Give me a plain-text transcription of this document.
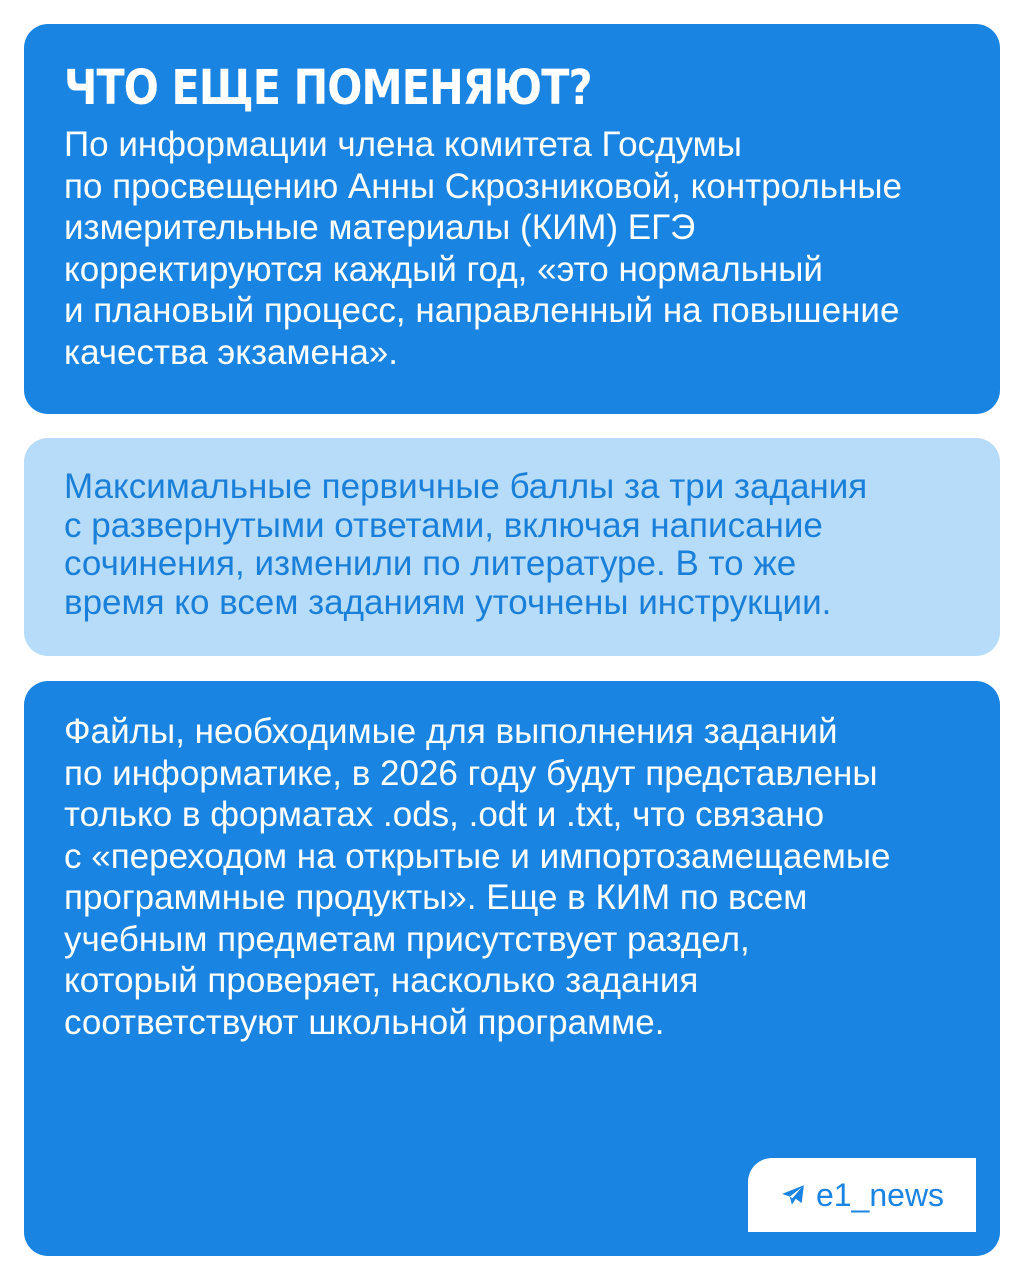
ЧТО ЕЩЕ ПОМЕНЯЮТ?

По информации члена комитета Госдумы
по просвещению Анны Скрозниковой, контрольные
измерительные материалы (КИМ) ЕГЭ
корректируются каждый год, «это нормальный
и плановый процесс, направленный на повышение
качества экзамена».

Максимальные первичные баллы за три задания
с развернутыми ответами, включая написание
сочинения, изменили по литературе. В то же
время ко всем заданиям уточнены инструкции.

Файлы, необходимые для выполнения заданий
по информатике, в 2026 году будут представлены
только в форматах .ods, .odt и .txt, что связано
с «переходом на открытые и импортозамещаемые
программные продукты». Еще в КИМ по всем
учебным предметам присутствует раздел,
который проверяет, насколько задания
соответствуют школьной программе.

e1_news
